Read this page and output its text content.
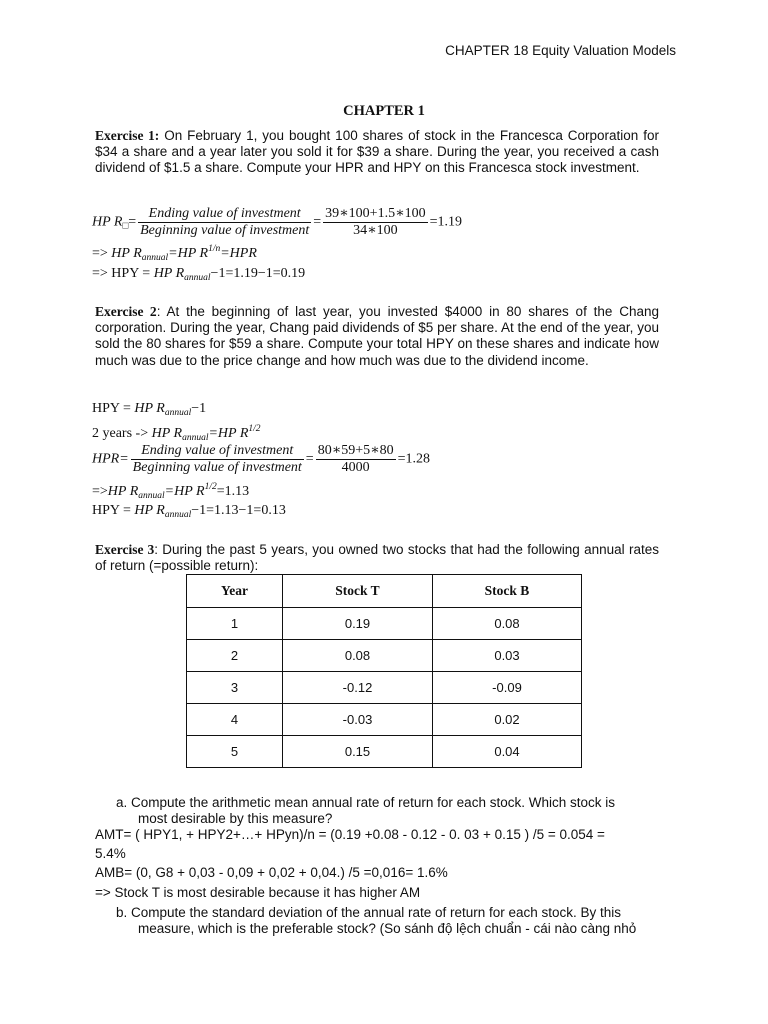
CHAPTER 18 Equity Valuation Models
CHAPTER 1
Exercise 1: On February 1, you bought 100 shares of stock in the Francesca Corporation for $34 a share and a year later you sold it for $39 a share. During the year, you received a cash dividend of $1.5 a share. Compute your HPR and HPY on this Francesca stock investment.
HP $R_□= \frac{\text{Ending value of investment}}{\text{Beginning value of investment}} = \frac{39∗100+1.5∗100}{34∗100} =1.19$
=> HP $R_{annual}=HP$ $R^{1/n}=HPR$
=> HPY = HP $R_{annual}-1=1.19-1=0.19$
Exercise 2: At the beginning of last year, you invested $4000 in 80 shares of the Chang corporation. During the year, Chang paid dividends of $5 per share. At the end of the year, you sold the 80 shares for $59 a share. Compute your total HPY on these shares and indicate how much was due to the price change and how much was due to the dividend income.
HPY = HP $R_{annual}-1$
2 years -> HP $R_{annual}=HP$ $R^{1/2}$
$HPR= \frac{\text{Ending value of investment}}{\text{Beginning value of investment}} = \frac{80∗59+5∗80}{4000} =1.28$
=>HP $R_{annual}=HP$ $R^{1/2}=1.13$
HPY = HP $R_{annual}-1=1.13-1=0.13$
Exercise 3: During the past 5 years, you owned two stocks that had the following annual rates of return (=possible return):
Year	Stock T	Stock B
1	0.19	0.08
2	0.08	0.03
3	-0.12	-0.09
4	-0.03	0.02
5	0.15	0.04
a. Compute the arithmetic mean annual rate of return for each stock. Which stock is
most desirable by this measure?
AMT= ( HPY1, + HPY2+…+ HPyn)/n = (0.19 +0.08 - 0.12 - 0. 03 + 0.15 ) /5 = 0.054 =
5.4%
AMB= (0, G8 + 0,03 - 0,09 + 0,02 + 0,04.) /5 =0,016= 1.6%
=> Stock T is most desirable because it has higher AM
b. Compute the standard deviation of the annual rate of return for each stock. By this
measure, which is the preferable stock? (So sánh độ lệch chuẩn - cái nào càng nhỏ
